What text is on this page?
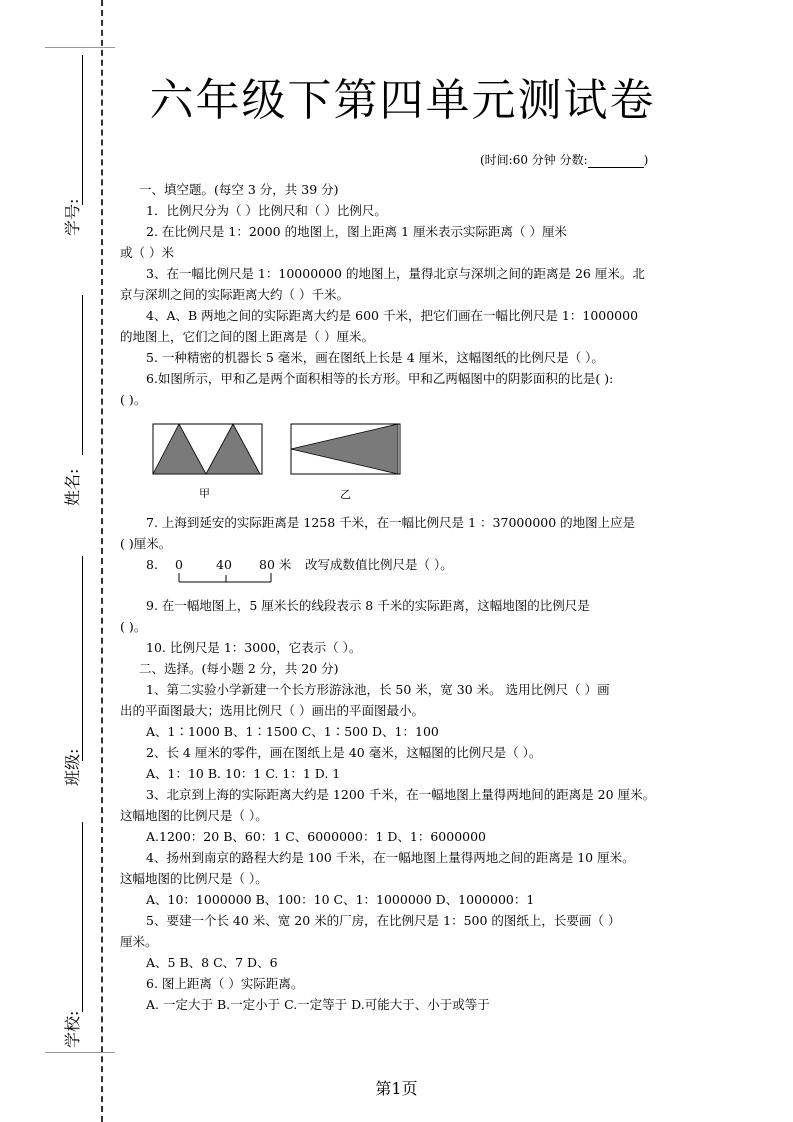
学号:
姓名:
班级:
学校:
六年级下第四单元测试卷
(时间:60 分钟 分数:	)
一、填空题。(每空 3 分，共 39 分)
1．比例尺分为（ ）比例尺和（ ）比例尺。
2. 在比例尺是 1：2000 的地图上，图上距离 1 厘米表示实际距离（ ）厘米
或（ ）米
3、在一幅比例尺是 1：10000000 的地图上，量得北京与深圳之间的距离是 26 厘米。北
京与深圳之间的实际距离大约（ ）千米。
4、A、B 两地之间的实际距离大约是 600 千米，把它们画在一幅比例尺是 1：1000000
的地图上，它们之间的图上距离是（ ）厘米。
5. 一种精密的机器长 5 毫米，画在图纸上长是 4 厘米，这幅图纸的比例尺是（ ）。
6.如图所示，甲和乙是两个面积相等的长方形。甲和乙两幅图中的阴影面积的比是( ):
( )。
甲	乙
7. 上海到延安的实际距离是 1258 千米，在一幅比例尺是 1 ：37000000 的地图上应是
( )厘米。
8. 0	40 80 米 改写成数值比例尺是（ ）。
9. 在一幅地图上，5 厘米长的线段表示 8 千米的实际距离，这幅地图的比例尺是
( )。
10. 比例尺是 1：3000，它表示（ ）。
二、选择。(每小题 2 分，共 20 分)
1、第二实验小学新建一个长方形游泳池，长 50 米，宽 30 米。 选用比例尺（ ）画
出的平面图最大；选用比例尺（ ）画出的平面图最小。
A、1∶1000 B、1∶1500 C、1∶500 D、1：100
2、长 4 厘米的零件，画在图纸上是 40 毫米，这幅图的比例尺是（ ）。
A、1：10 B. 10：1 C. 1：1 D. 1
3、北京到上海的实际距离大约是 1200 千米，在一幅地图上量得两地间的距离是 20 厘米。
这幅地图的比例尺是（ ）。
A.1200：20 B、60：1 C、6000000：1 D、1：6000000
4、扬州到南京的路程大约是 100 千米，在一幅地图上量得两地之间的距离是 10 厘米。
这幅地图的比例尺是（ ）。
A、10：1000000 B、100：10 C、1：1000000 D、1000000：1
5、要建一个长 40 米、宽 20 米的厂房，在比例尺是 1：500 的图纸上，长要画（ ）
厘米。
A、5 B、8 C、7 D、6
6. 图上距离（ ）实际距离。
A. 一定大于 B.一定小于 C.一定等于 D.可能大于、小于或等于
第1页
